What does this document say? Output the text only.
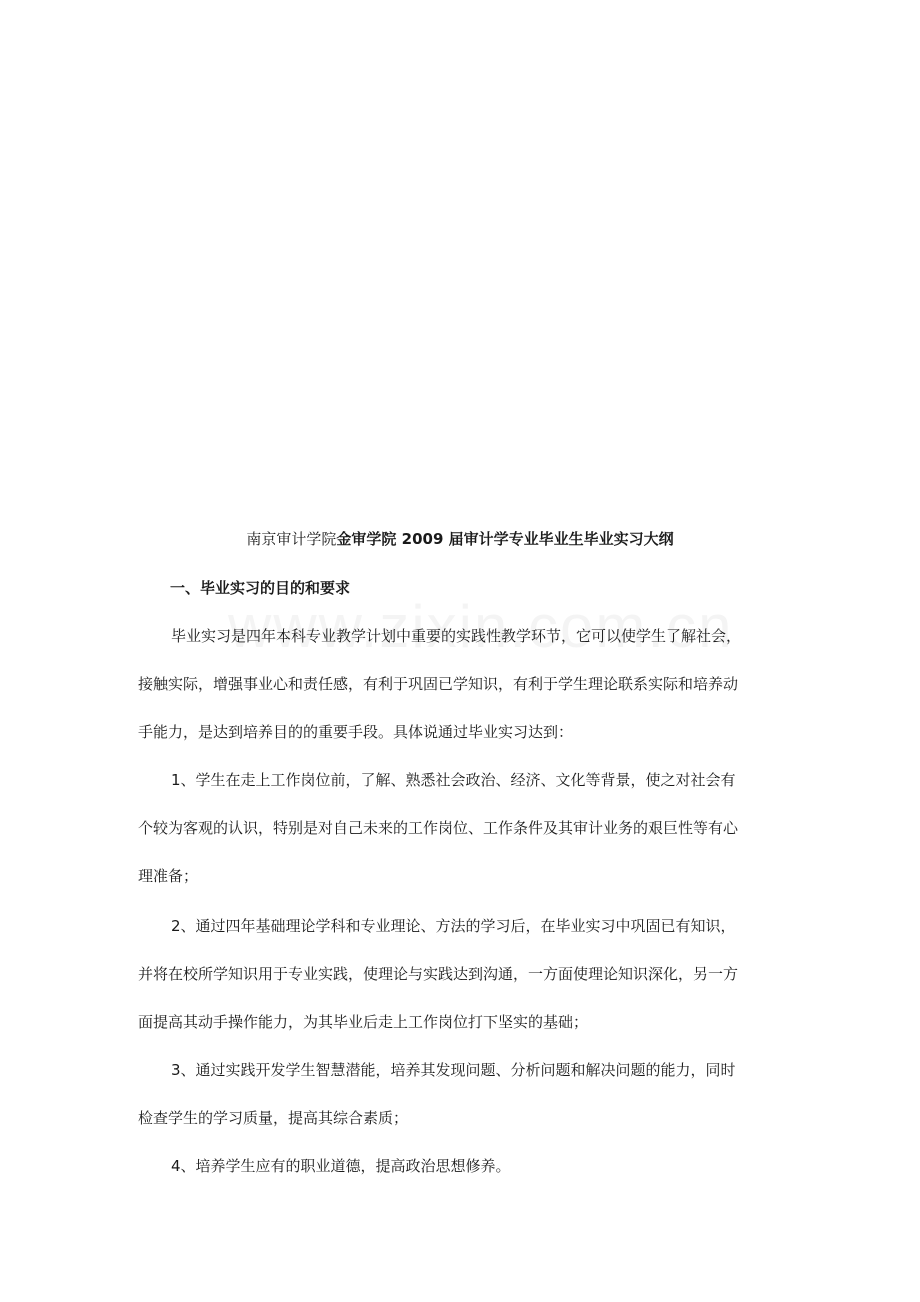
南京审计学院金审学院 2009 届审计学专业毕业生毕业实习大纲
一、毕业实习的目的和要求
毕业实习是四年本科专业教学计划中重要的实践性教学环节，它可以使学生了解社会，
接触实际，增强事业心和责任感，有利于巩固已学知识，有利于学生理论联系实际和培养动
手能力，是达到培养目的的重要手段。具体说通过毕业实习达到：
1、学生在走上工作岗位前，了解、熟悉社会政治、经济、文化等背景，使之对社会有
个较为客观的认识，特别是对自己未来的工作岗位、工作条件及其审计业务的艰巨性等有心
理准备；
2、通过四年基础理论学科和专业理论、方法的学习后，在毕业实习中巩固已有知识，
并将在校所学知识用于专业实践，使理论与实践达到沟通，一方面使理论知识深化，另一方
面提高其动手操作能力，为其毕业后走上工作岗位打下坚实的基础；
3、通过实践开发学生智慧潜能，培养其发现问题、分析问题和解决问题的能力，同时
检查学生的学习质量，提高其综合素质；
4、培养学生应有的职业道德，提高政治思想修养。
